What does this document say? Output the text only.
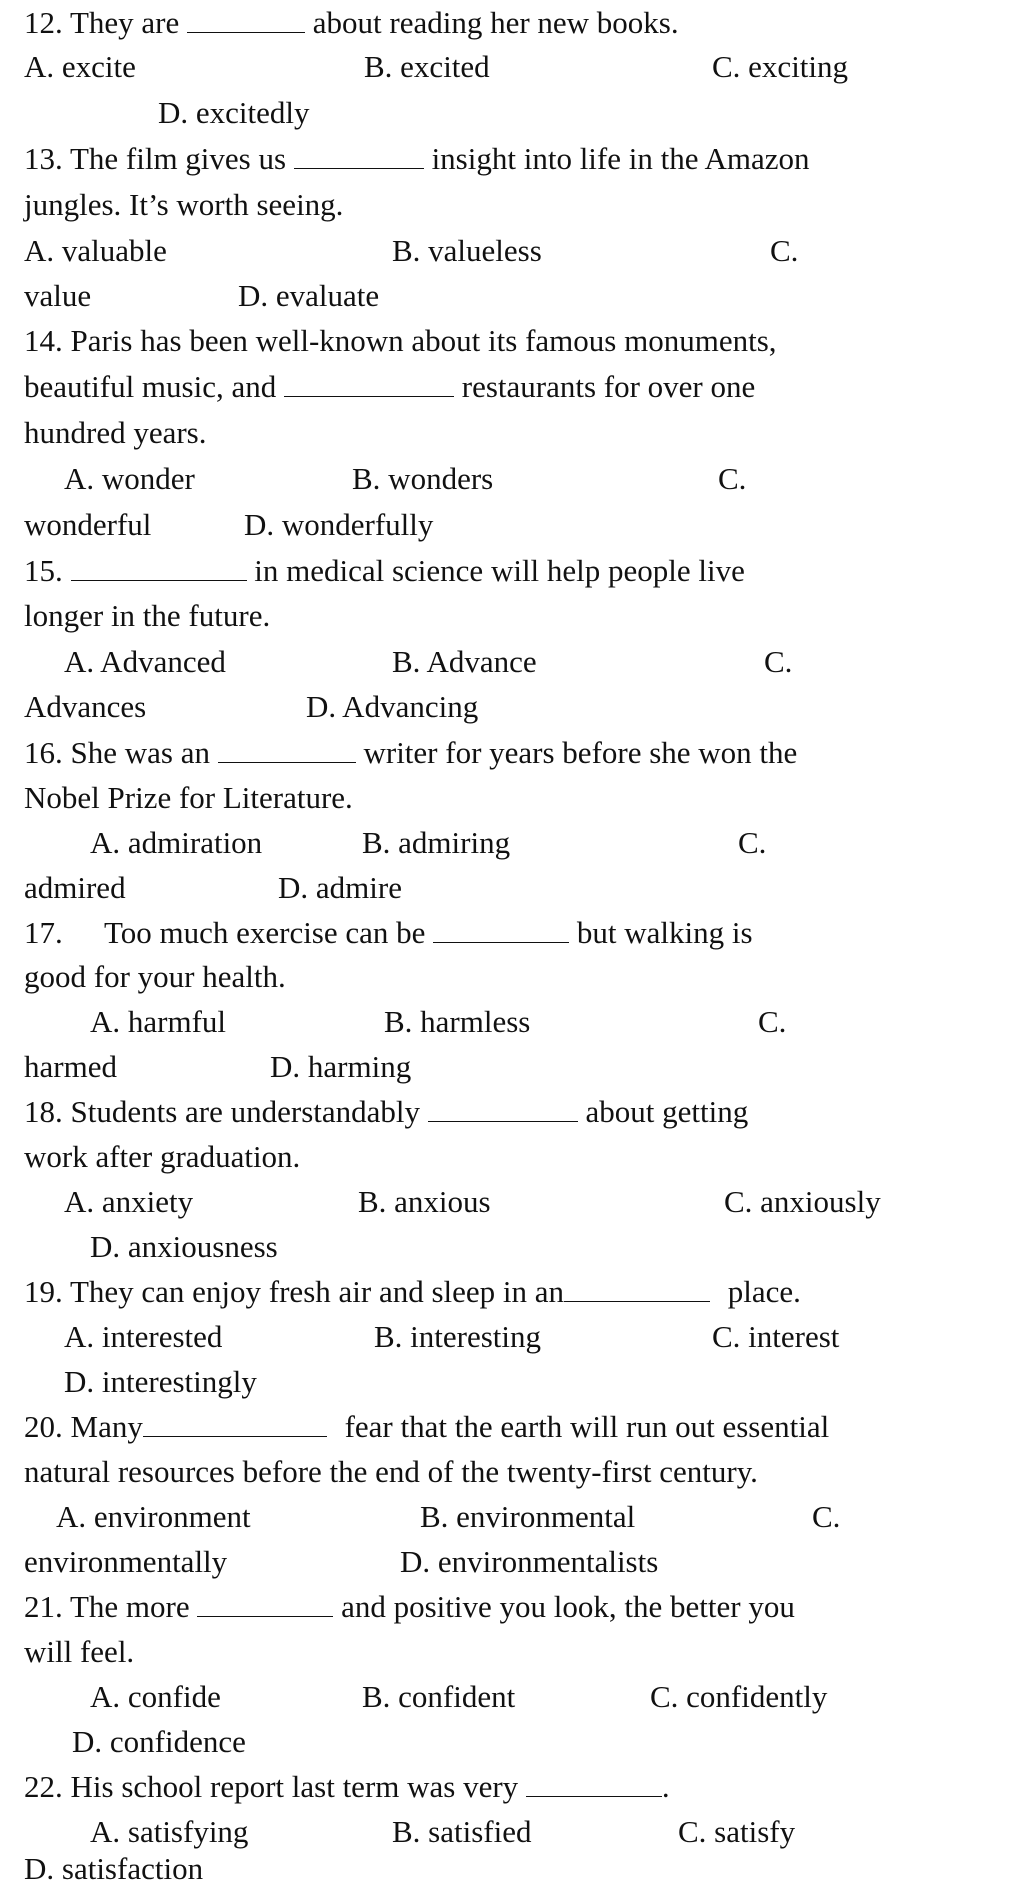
12. They are	about reading her new books.
A. excite	B. excited	C. exciting
D. excitedly
13. The film gives us	insight into life in the Amazon
jungles. It’s worth seeing.
A. valuable	B. valueless	C.
value	D. evaluate
14. Paris has been well-known about its famous monuments,
beautiful music, and	restaurants for over one
hundred years.
A. wonder	B. wonders	C.
wonderful	D. wonderfully
15.	in medical science will help people live
longer in the future.
A. Advanced	B. Advance	C.
Advances	D. Advancing
16. She was an	writer for years before she won the
Nobel Prize for Literature.
A. admiration	B. admiring	C.
admired	D. admire
17. Too much exercise can be	but walking is
good for your health.
A. harmful	B. harmless	C.
harmed	D. harming
18. Students are understandably	about getting
work after graduation.
A. anxiety	B. anxious	C. anxiously
D. anxiousness
19. They can enjoy fresh air and sleep in an	place.
A. interested	B. interesting	C. interest
D. interestingly
20. Many	fear that the earth will run out essential
natural resources before the end of the twenty-first century.
A. environment	B. environmental	C.
environmentally	D. environmentalists
21. The more	and positive you look, the better you
will feel.
A. confide	B. confident	C. confidently
D. confidence
22. His school report last term was very	.
A. satisfying	B. satisfied	C. satisfy
D. satisfaction
